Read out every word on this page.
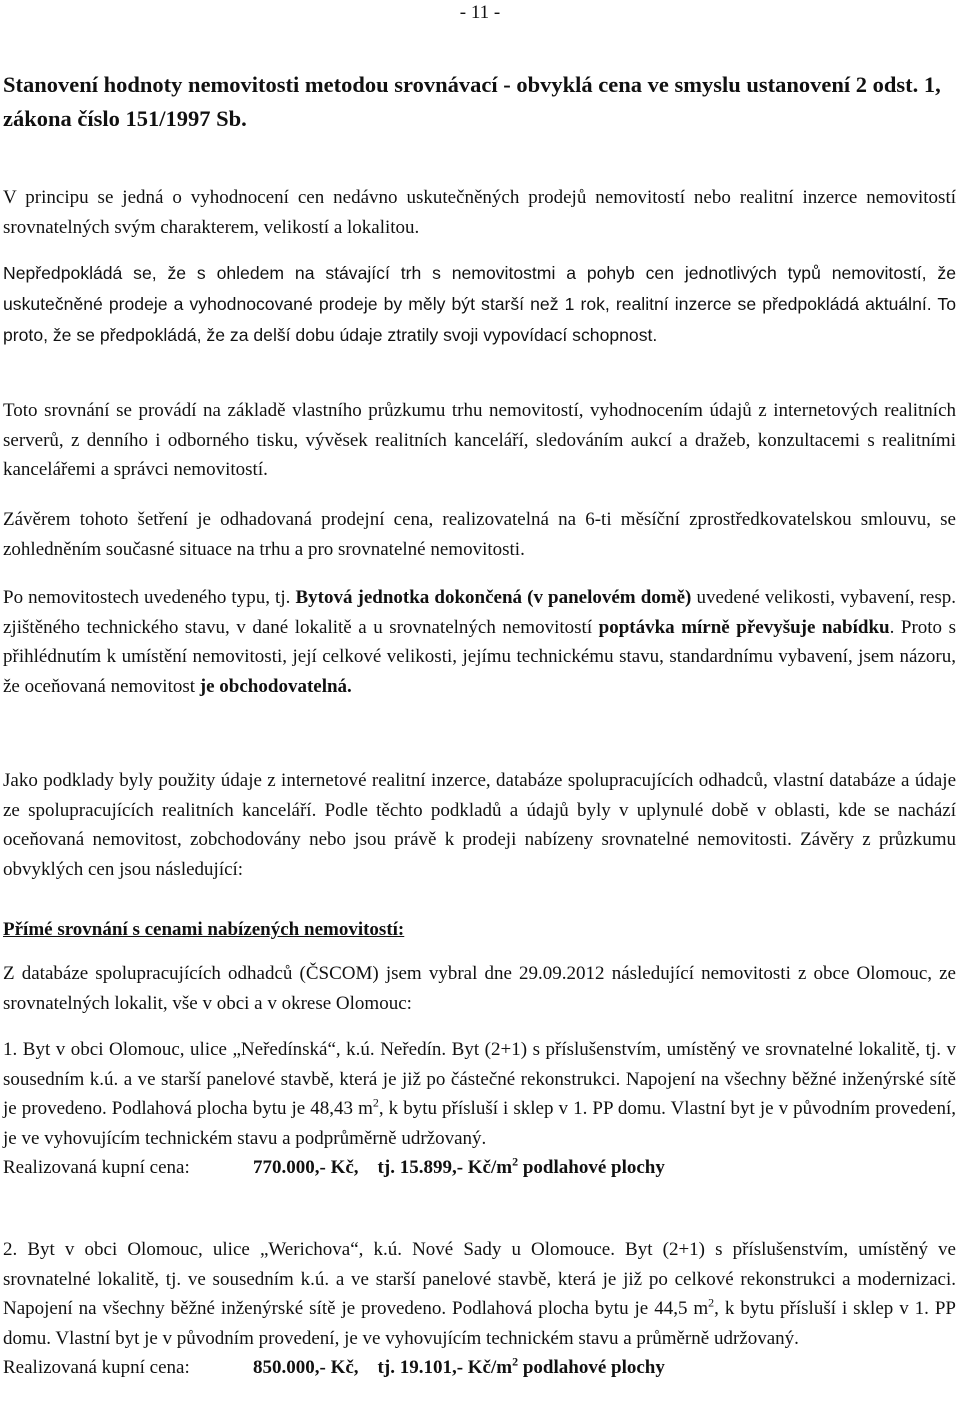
- 11 -
Stanovení hodnoty nemovitosti metodou srovnávací - obvyklá cena ve smyslu ustanovení 2 odst. 1, zákona číslo 151/1997 Sb.

V principu se jedná o vyhodnocení cen nedávno uskutečněných prodejů nemovitostí nebo realitní inzerce nemovitostí srovnatelných svým charakterem, velikostí a lokalitou.

Nepředpokládá se, že s ohledem na stávající trh s nemovitostmi a pohyb cen jednotlivých typů nemovitostí, že uskutečněné prodeje a vyhodnocované prodeje by měly být starší než 1 rok, realitní inzerce se předpokládá aktuální. To proto, že se předpokládá, že za delší dobu údaje ztratily svoji vypovídací schopnost.

Toto srovnání se provádí na základě vlastního průzkumu trhu nemovitostí, vyhodnocením údajů z internetových realitních serverů, z denního i odborného tisku, vývěsek realitních kanceláří, sledováním aukcí a dražeb, konzultacemi s realitními kancelářemi a správci nemovitostí.

Závěrem tohoto šetření je odhadovaná prodejní cena, realizovatelná na 6-ti měsíční zprostředkovatelskou smlouvu, se zohledněním současné situace na trhu a pro srovnatelné nemovitosti.

Po nemovitostech uvedeného typu, tj. Bytová jednotka dokončená (v panelovém domě) uvedené velikosti, vybavení, resp. zjištěného technického stavu, v dané lokalitě a u srovnatelných nemovitostí poptávka mírně převyšuje nabídku. Proto s přihlédnutím k umístění nemovitosti, její celkové velikosti, jejímu technickému stavu, standardnímu vybavení, jsem názoru, že oceňovaná nemovitost je obchodovatelná.

Jako podklady byly použity údaje z internetové realitní inzerce, databáze spolupracujících odhadců, vlastní databáze a údaje ze spolupracujících realitních kanceláří. Podle těchto podkladů a údajů byly v uplynulé době v oblasti, kde se nachází oceňovaná nemovitost, zobchodovány nebo jsou právě k prodeji nabízeny srovnatelné nemovitosti. Závěry z průzkumu obvyklých cen jsou následující:

Přímé srovnání s cenami nabízených nemovitostí:

Z databáze spolupracujících odhadců (ČSCOM) jsem vybral dne 29.09.2012 následující nemovitosti z obce Olomouc, ze srovnatelných lokalit, vše v obci a v okrese Olomouc:

1. Byt v obci Olomouc, ulice „Neředínská“, k.ú. Neředín. Byt (2+1) s příslušenstvím, umístěný ve srovnatelné lokalitě, tj. v sousedním k.ú. a ve starší panelové stavbě, která je již po částečné rekonstrukci. Napojení na všechny běžné inženýrské sítě je provedeno. Podlahová plocha bytu je 48,43 $m^2$, k bytu přísluší i sklep v 1. PP domu. Vlastní byt je v původním provedení, je ve vyhovujícím technickém stavu a podprůměrně udržovaný.

Realizovaná kupní cena:	770.000,- Kč, tj. 15.899,- $Kč/m^2$ podlahové plochy

2. Byt v obci Olomouc, ulice „Werichova“, k.ú. Nové Sady u Olomouce. Byt (2+1) s příslušenstvím, umístěný ve srovnatelné lokalitě, tj. ve sousedním k.ú. a ve starší panelové stavbě, která je již po celkové rekonstrukci a modernizaci. Napojení na všechny běžné inženýrské sítě je provedeno. Podlahová plocha bytu je 44,5 $m^2$, k bytu přísluší i sklep v 1. PP domu. Vlastní byt je v původním provedení, je ve vyhovujícím technickém stavu a průměrně udržovaný.

Realizovaná kupní cena:	850.000,- Kč, tj. 19.101,- $Kč/m^2$ podlahové plochy
